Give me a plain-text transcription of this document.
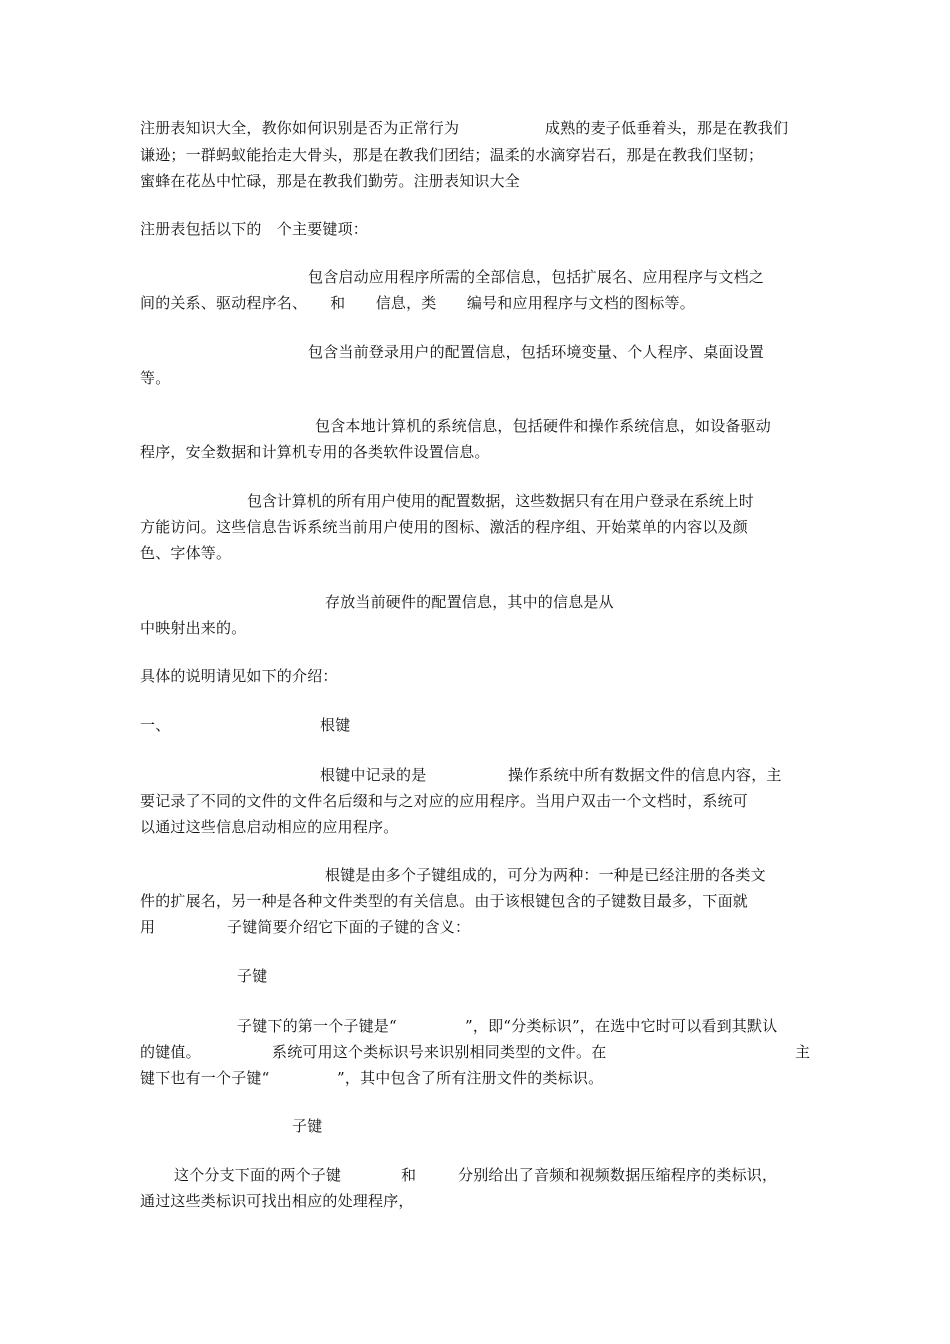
注册表知识大全，教你如何识别是否为正常行为	成熟的麦子低垂着头，那是在教我们
谦逊；一群蚂蚁能抬走大骨头，那是在教我们团结；温柔的水滴穿岩石，那是在教我们坚韧；
蜜蜂在花丛中忙碌，那是在教我们勤劳。注册表知识大全
注册表包括以下的　个主要键项：
包含启动应用程序所需的全部信息，包括扩展名、应用程序与文档之
间的关系、驱动程序名、　　和　　信息，类　　编号和应用程序与文档的图标等。
包含当前登录用户的配置信息，包括环境变量、个人程序、桌面设置
等。
包含本地计算机的系统信息，包括硬件和操作系统信息，如设备驱动
程序，安全数据和计算机专用的各类软件设置信息。
包含计算机的所有用户使用的配置数据，这些数据只有在用户登录在系统上时
方能访问。这些信息告诉系统当前用户使用的图标、激活的程序组、开始菜单的内容以及颜
色、字体等。
存放当前硬件的配置信息，其中的信息是从
中映射出来的。
具体的说明请见如下的介绍：
一、	根键
根键中记录的是	操作系统中所有数据文件的信息内容，主
要记录了不同的文件的文件名后缀和与之对应的应用程序。当用户双击一个文档时，系统可
以通过这些信息启动相应的应用程序。
根键是由多个子键组成的，可分为两种：一种是已经注册的各类文
件的扩展名，另一种是各种文件类型的有关信息。由于该根键包含的子键数目最多，下面就
用	子键简要介绍它下面的子键的含义：
子键
子键下的第一个子键是“	”，即“分类标识”，在选中它时可以看到其默认
的键值。	系统可用这个类标识号来识别相同类型的文件。在	主
键下也有一个子键“	”，其中包含了所有注册文件的类标识。
子键
这个分支下面的两个子键	和	分别给出了音频和视频数据压缩程序的类标识，
通过这些类标识可找出相应的处理程序，
